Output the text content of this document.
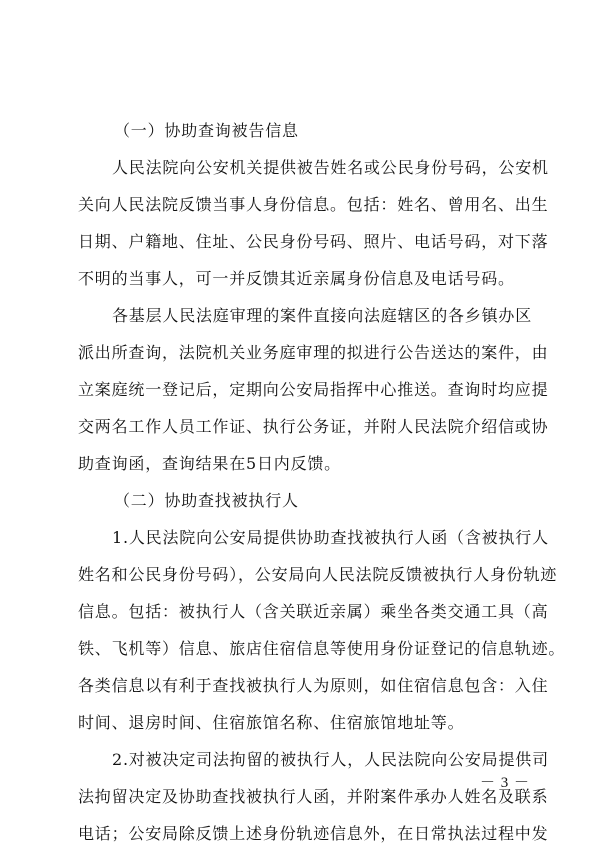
（一）协助查询被告信息
人民法院向公安机关提供被告姓名或公民身份号码，公安机
关向人民法院反馈当事人身份信息。包括：姓名、曾用名、出生
日期、户籍地、住址、公民身份号码、照片、电话号码，对下落
不明的当事人，可一并反馈其近亲属身份信息及电话号码。
各基层人民法庭审理的案件直接向法庭辖区的各乡镇办区
派出所查询，法院机关业务庭审理的拟进行公告送达的案件，由
立案庭统一登记后，定期向公安局指挥中心推送。查询时均应提
交两名工作人员工作证、执行公务证，并附人民法院介绍信或协
助查询函，查询结果在5日内反馈。
（二）协助查找被执行人
1.人民法院向公安局提供协助查找被执行人函（含被执行人
姓名和公民身份号码），公安局向人民法院反馈被执行人身份轨迹
信息。包括：被执行人（含关联近亲属）乘坐各类交通工具（高
铁、飞机等）信息、旅店住宿信息等使用身份证登记的信息轨迹。
各类信息以有利于查找被执行人为原则，如住宿信息包含：入住
时间、退房时间、住宿旅馆名称、住宿旅馆地址等。
2.对被决定司法拘留的被执行人，人民法院向公安局提供司
法拘留决定及协助查找被执行人函，并附案件承办人姓名及联系
电话；公安局除反馈上述身份轨迹信息外，在日常执法过程中发
－ 3 －
